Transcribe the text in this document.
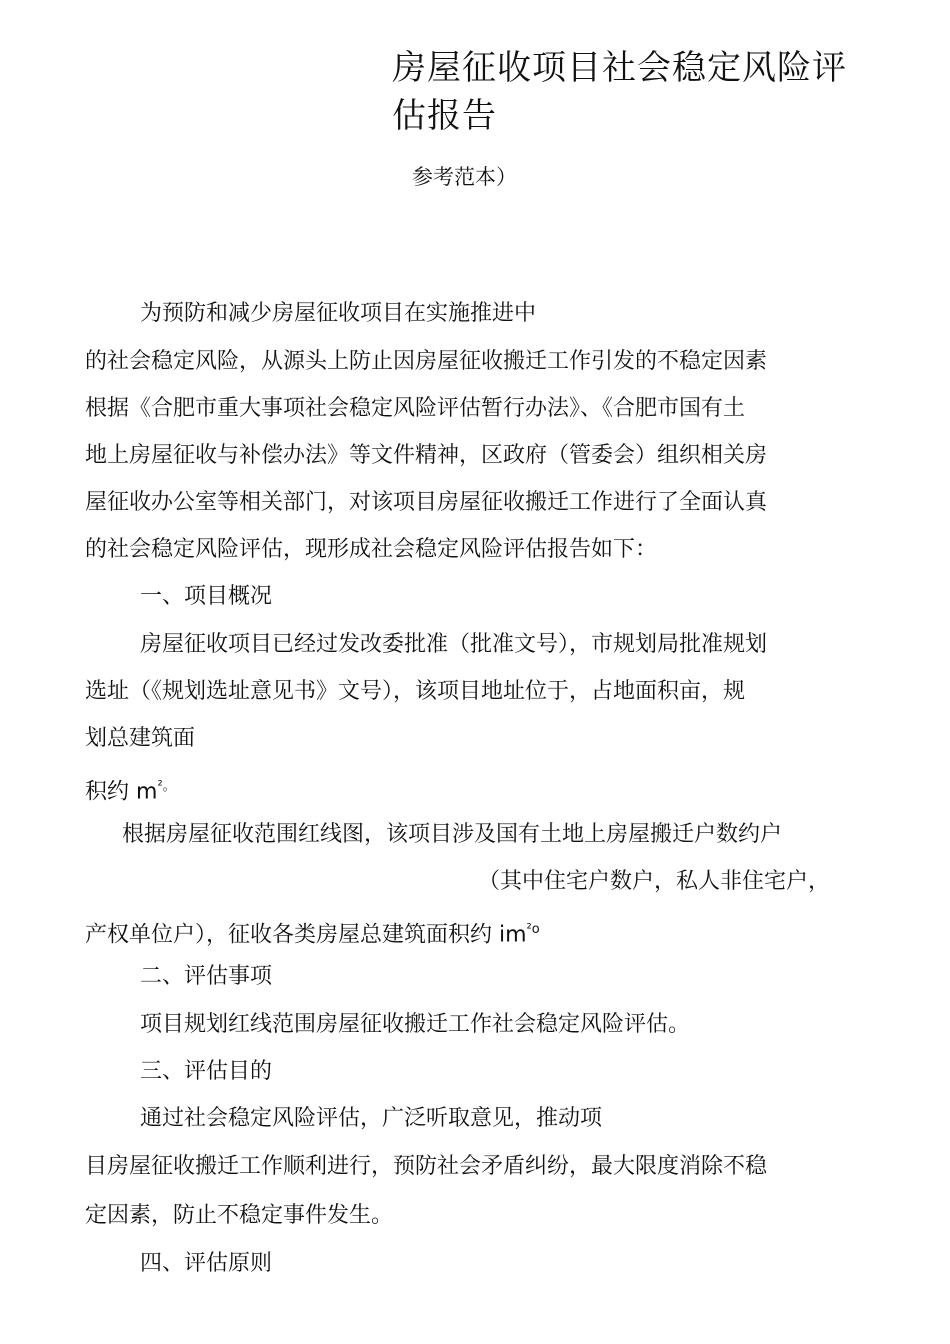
房屋征收项目社会稳定风险评估报告
参考范本）
为预防和减少房屋征收项目在实施推进中
的社会稳定风险，从源头上防止因房屋征收搬迁工作引发的不稳定因素
根据《合肥市重大事项社会稳定风险评估暂行办法》、《合肥市国有土
地上房屋征收与补偿办法》等文件精神，区政府（管委会）组织相关房
屋征收办公室等相关部门，对该项目房屋征收搬迁工作进行了全面认真
的社会稳定风险评估，现形成社会稳定风险评估报告如下：
一、项目概况
房屋征收项目已经过发改委批准（批准文号），市规划局批准规划
选址（《规划选址意见书》文号），该项目地址位于，占地面积亩，规
划总建筑面
积约 $m^{^2。}$
根据房屋征收范围红线图，该项目涉及国有土地上房屋搬迁户数约户
（其中住宅户数户，私人非住宅户，
产权单位户），征收各类房屋总建筑面积约 $im^{^2o}$
二、评估事项
项目规划红线范围房屋征收搬迁工作社会稳定风险评估。
三、评估目的
通过社会稳定风险评估，广泛听取意见，推动项
目房屋征收搬迁工作顺利进行，预防社会矛盾纠纷，最大限度消除不稳
定因素，防止不稳定事件发生。
四、评估原则
